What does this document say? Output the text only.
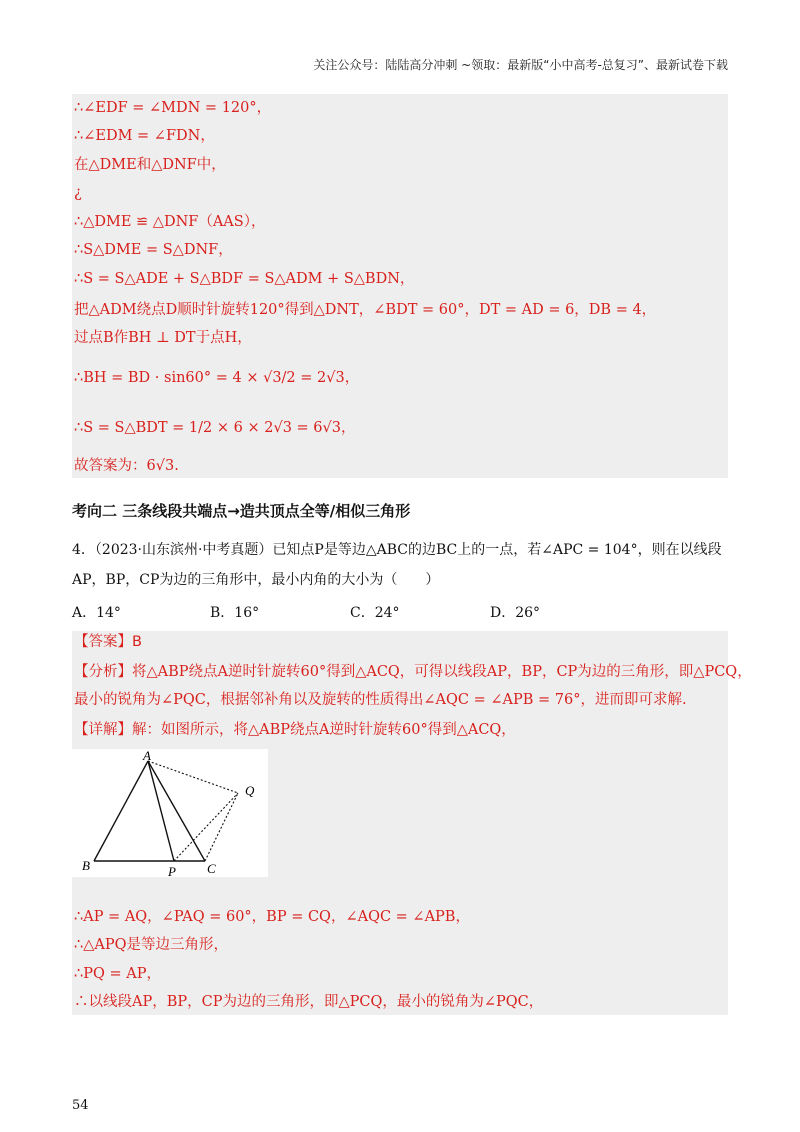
关注公众号：陆陆高分冲刺 ~领取：最新版“小中高考-总复习”、最新试卷下载
∴∠EDF = ∠MDN = 120°，
∴∠EDM = ∠FDN，
在△DME和△DNF中，
¿
∴△DME ≌ △DNF（AAS），
∴S△DME = S△DNF，
∴S = S△ADE + S△BDF = S△ADM + S△BDN，
把△ADM绕点D顺时针旋转120°得到△DNT，∠BDT = 60°，DT = AD = 6，DB = 4，
过点B作BH ⊥ DT于点H，
∴BH = BD · sin60° = 4 × √3/2 = 2√3，
∴S = S△BDT = 1/2 × 6 × 2√3 = 6√3，
故答案为：6√3.
考向二 三条线段共端点→造共顶点全等/相似三角形
4．（2023·山东滨州·中考真题）已知点P是等边△ABC的边BC上的一点，若∠APC = 104°，则在以线段
AP，BP，CP为边的三角形中，最小内角的大小为（　　）
A．14°	B．16°	C．24°	D．26°
【答案】B
【分析】将△ABP绕点A逆时针旋转60°得到△ACQ，可得以线段AP，BP，CP为边的三角形，即△PCQ，
最小的锐角为∠PQC，根据邻补角以及旋转的性质得出∠AQC = ∠APB = 76°，进而即可求解.
【详解】解：如图所示，将△ABP绕点A逆时针旋转60°得到△ACQ，
A
B	C
P
Q
∴AP = AQ，∠PAQ = 60°，BP = CQ，∠AQC = ∠APB，
∴△APQ是等边三角形，
∴PQ = AP，
∴以线段AP，BP，CP为边的三角形，即△PCQ，最小的锐角为∠PQC，
54
